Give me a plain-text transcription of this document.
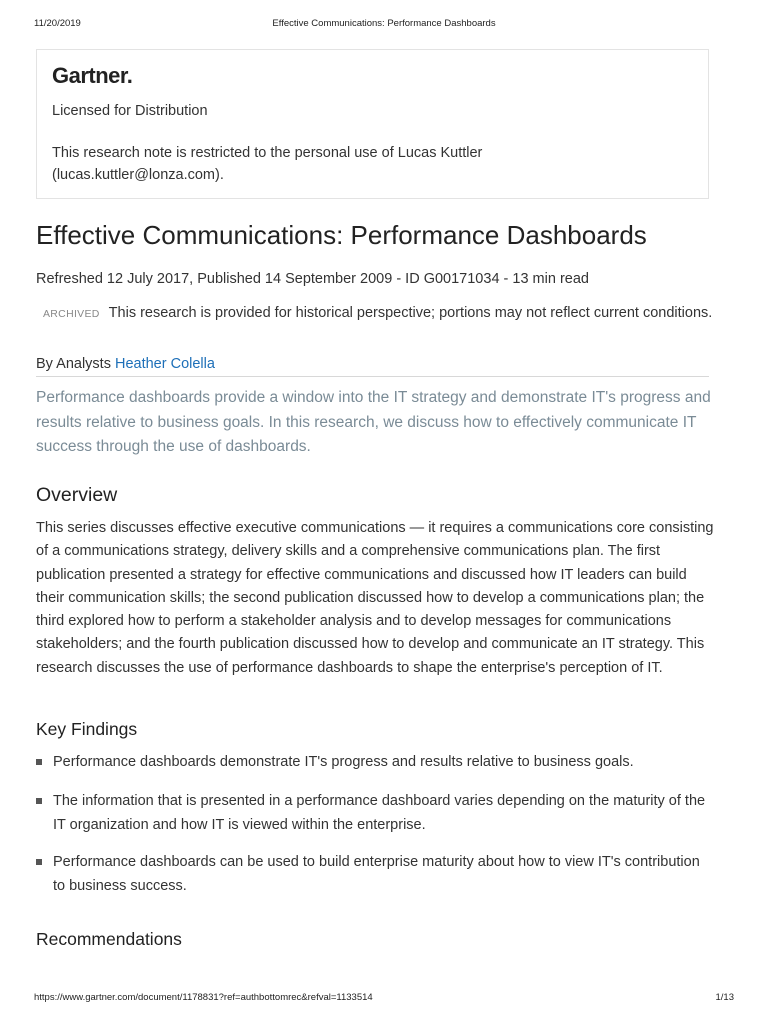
11/20/2019	Effective Communications: Performance Dashboards
Gartner.
Licensed for Distribution
This research note is restricted to the personal use of Lucas Kuttler (lucas.kuttler@lonza.com).
Effective Communications: Performance Dashboards
Refreshed 12 July 2017, Published 14 September 2009 - ID G00171034 - 13 min read
ARCHIVED This research is provided for historical perspective; portions may not reflect current conditions.
By Analysts Heather Colella
Performance dashboards provide a window into the IT strategy and demonstrate IT's progress and results relative to business goals. In this research, we discuss how to effectively communicate IT success through the use of dashboards.
Overview
This series discusses effective executive communications — it requires a communications core consisting of a communications strategy, delivery skills and a comprehensive communications plan. The first publication presented a strategy for effective communications and discussed how IT leaders can build their communication skills; the second publication discussed how to develop a communications plan; the third explored how to perform a stakeholder analysis and to develop messages for communications stakeholders; and the fourth publication discussed how to develop and communicate an IT strategy. This research discusses the use of performance dashboards to shape the enterprise's perception of IT.
Key Findings
Performance dashboards demonstrate IT's progress and results relative to business goals.
The information that is presented in a performance dashboard varies depending on the maturity of the IT organization and how IT is viewed within the enterprise.
Performance dashboards can be used to build enterprise maturity about how to view IT's contribution to business success.
Recommendations
https://www.gartner.com/document/1178831?ref=authbottomrec&refval=1133514	1/13
